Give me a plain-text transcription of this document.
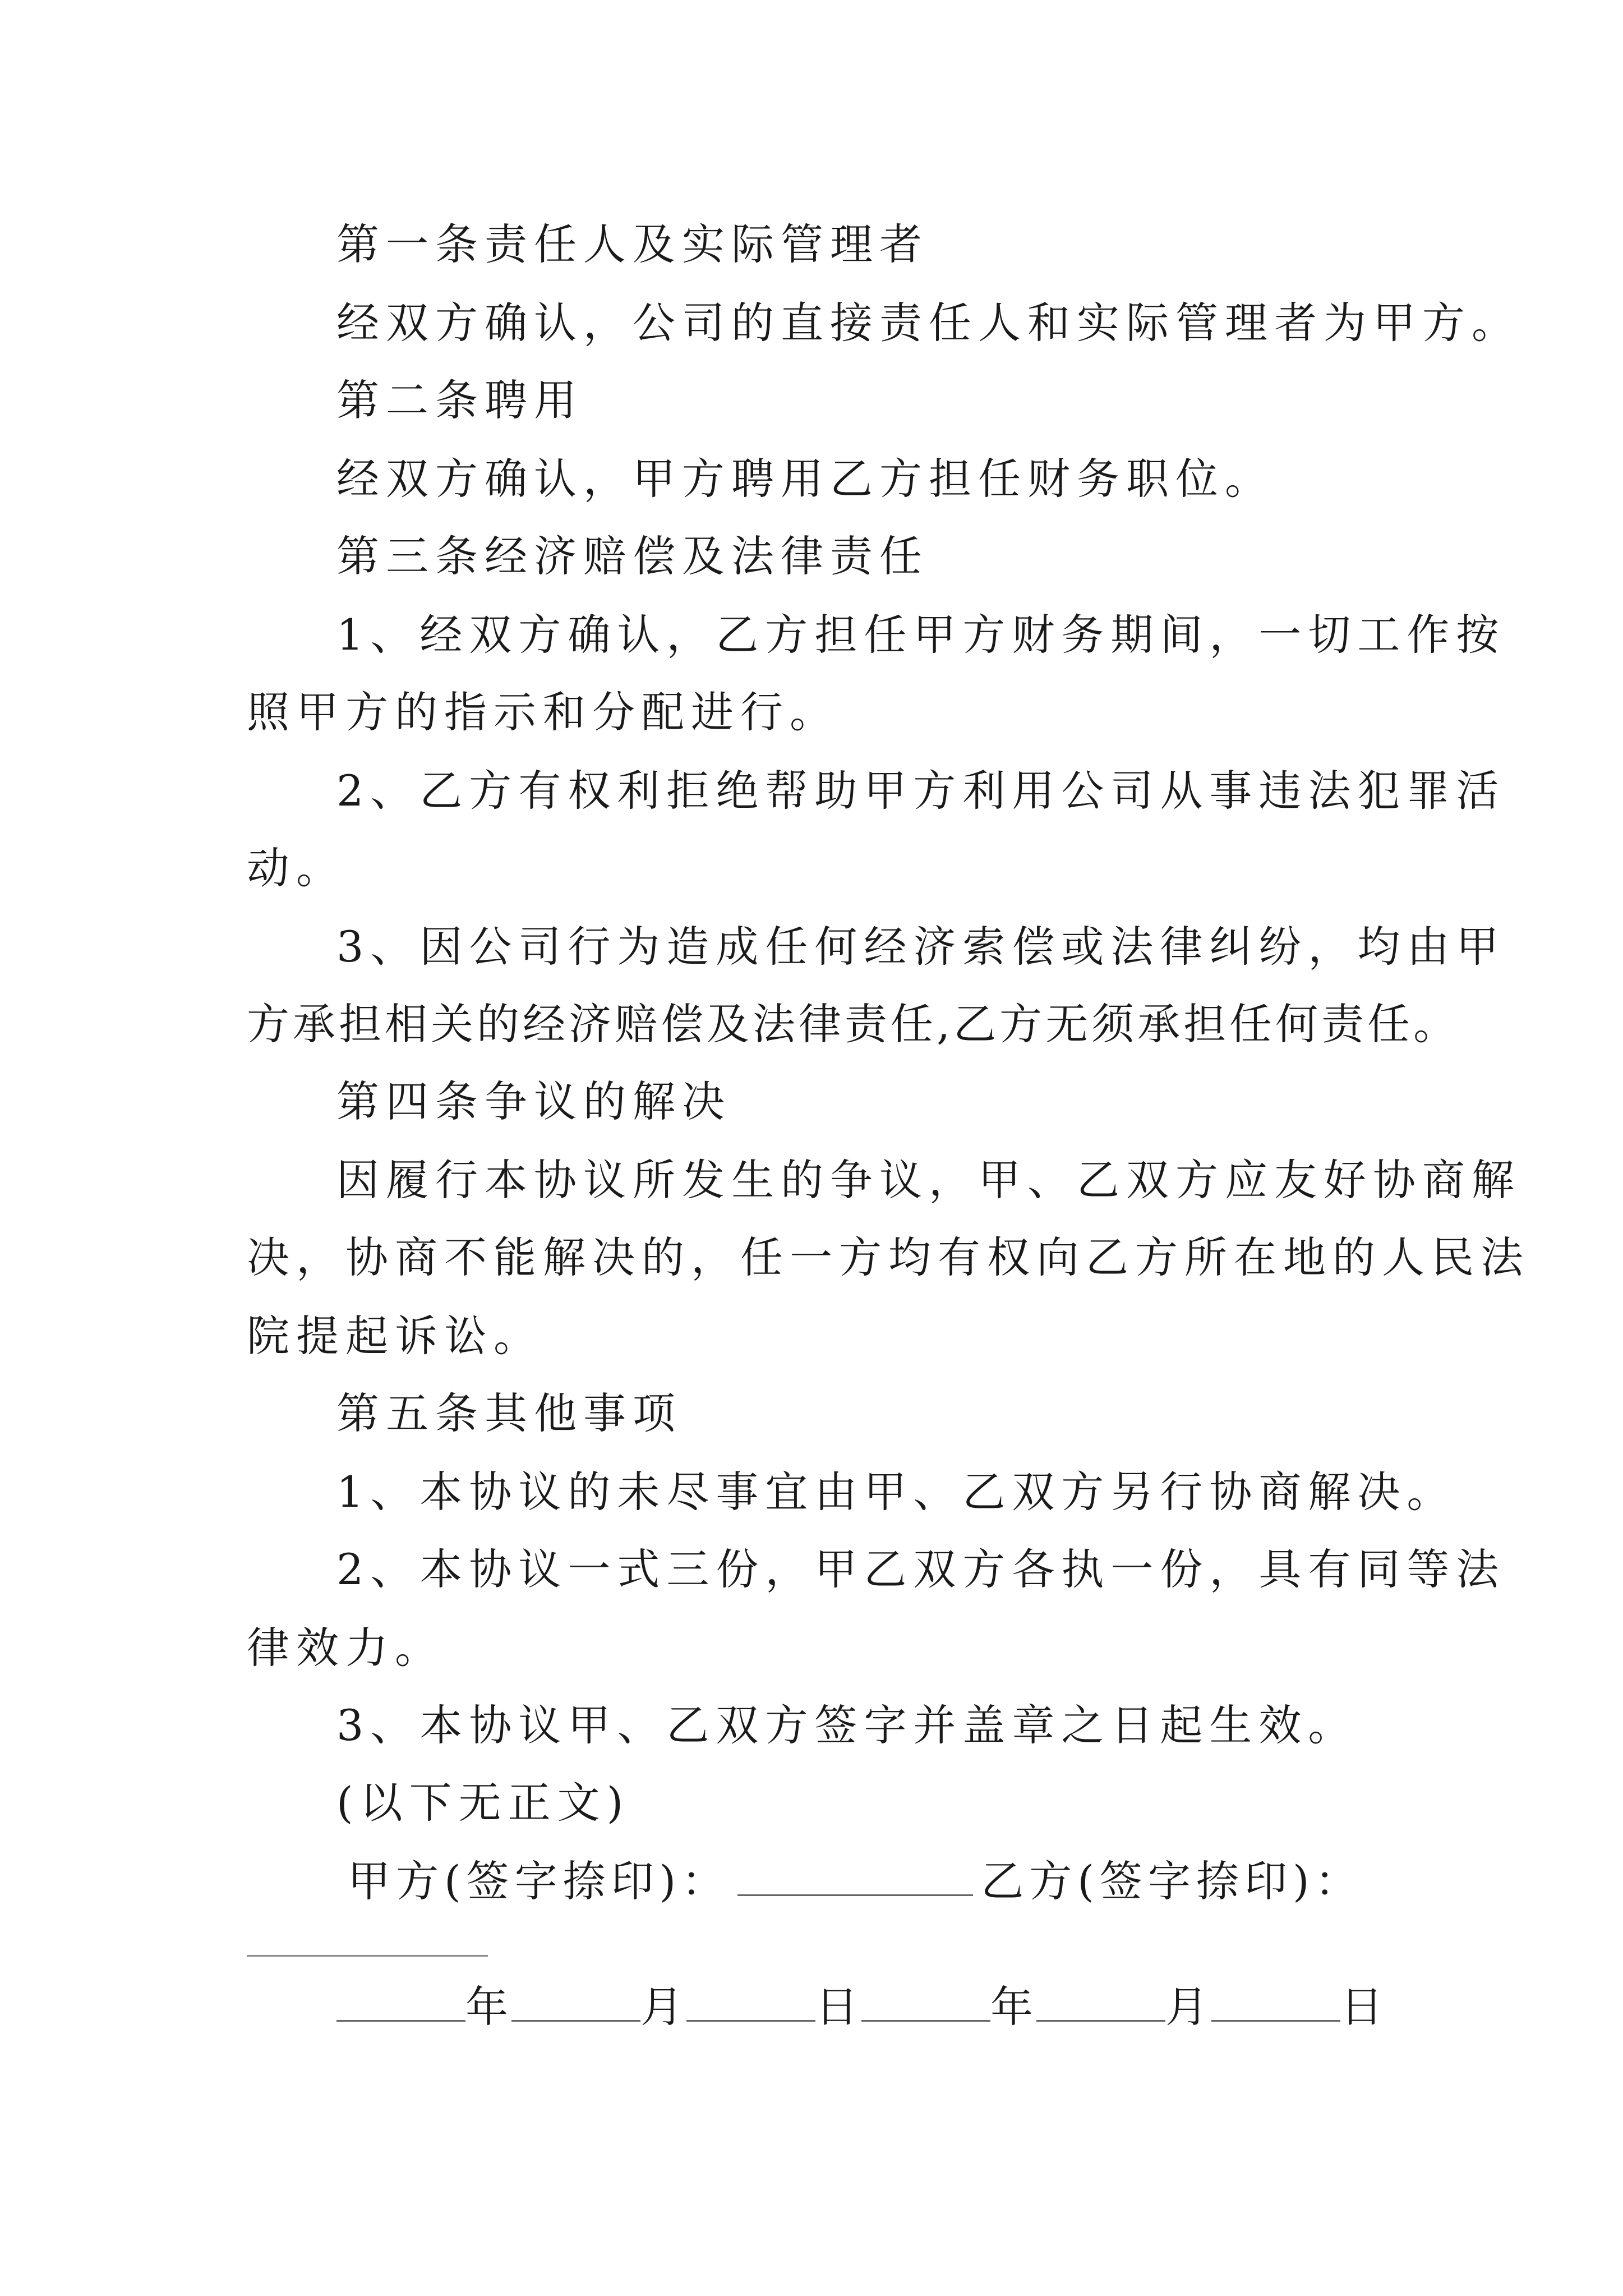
第一条责任人及实际管理者
经双方确认，公司的直接责任人和实际管理者为甲方。
第二条聘用
经双方确认，甲方聘用乙方担任财务职位。
第三条经济赔偿及法律责任
1、经双方确认，乙方担任甲方财务期间，一切工作按
照甲方的指示和分配进行。
2、乙方有权利拒绝帮助甲方利用公司从事违法犯罪活
动。
3、因公司行为造成任何经济索偿或法律纠纷，均由甲
方承担相关的经济赔偿及法律责任,乙方无须承担任何责任。
第四条争议的解决
因履行本协议所发生的争议，甲、乙双方应友好协商解
决，协商不能解决的，任一方均有权向乙方所在地的人民法
院提起诉讼。
第五条其他事项
1、本协议的未尽事宜由甲、乙双方另行协商解决。
2、本协议一式三份，甲乙双方各执一份，具有同等法
律效力。
3、本协议甲、乙双方签字并盖章之日起生效。
(以下无正文)
甲方(签字捺印)：	乙方(签字捺印)：
年	月	日	年	月	日
